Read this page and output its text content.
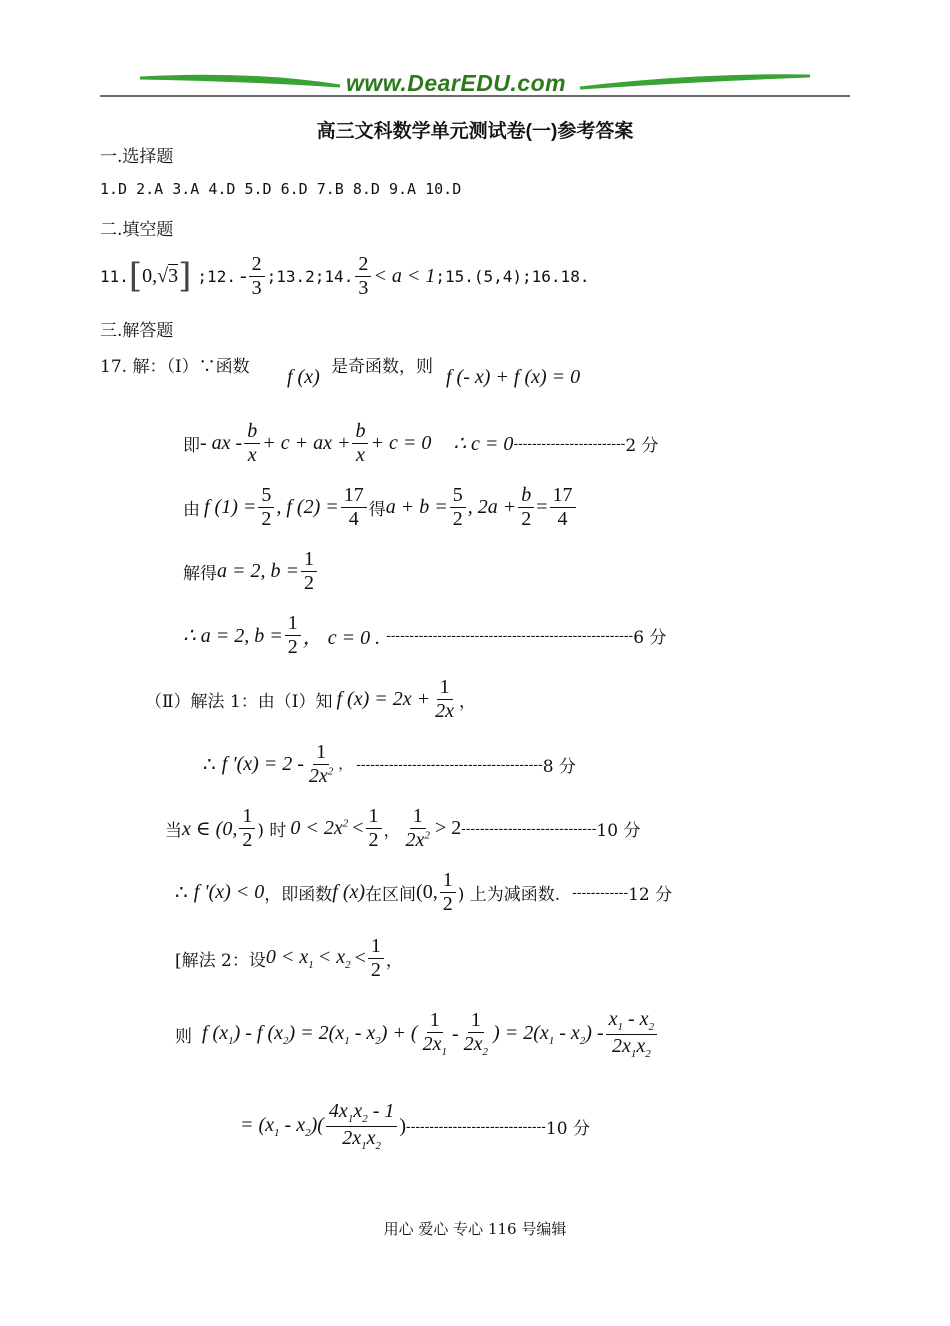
www.DearEDU.com
高三文科数学单元测试卷(一)参考答案
一.选择题
1.D 2.A 3.A 4.D 5.D 6.D 7.B 8.D 9.A 10.D
二.填空题
11. [ 0, √ 3 ] ;12. - $\frac{2}{3}$ ;13.2;14. $\frac{2}{3} < a < 1$ ;15.(5,4);16.18.
三.解答题
17. 解：（Ⅰ）∵函数 f (x) 是奇函数，则 f (- x) + f (x) = 0
即 - ax - $\frac{b}{x} + c$ + ax + $\frac{b}{x} + c = 0$ ∴ c = 0 ------------------------ 2 分
由 f $(1) = \frac{5}{2}$ , f $(2) = \frac{17}{4}$ 得 $a + b = \frac{5}{2}$ , $2a + \frac{b}{2} = \frac{17}{4}$
解得 a = 2, $b = \frac{1}{2}$
∴ a = 2, $b = \frac{1}{2}$ ， c = 0 . ----------------------------------------------------- 6 分
（Ⅱ）解法 1：由（Ⅰ）知 f $(x) = 2x + \frac{1}{2x}$ ，
∴ f '$(x) = 2 - \frac{1}{2x^2}$ ， ---------------------------------------- 8 分
当 x ∈ (0, $\frac{1}{2}$ ) 时 $0 < 2x^2 < \frac{1}{2}$ ， $\frac{1}{2x^2} > 2$ ----------------------------- 10 分
∴ f '(x) < 0 ，即函数 f (x) 在区间 (0, $\frac{1}{2}$ ) 上为减函数. ------------ 12 分
[解法 2：设 $0 < x_1 < x_2 < \frac{1}{2}$ ，
则 f $(x_1)$ - f $(x_2) = 2(x_1 - x_2)$ + ( $\frac{1}{2x_1} - \frac{1}{2x_2}$ ) = $2(x_1 - x_2) - \frac{x_1 - x_2}{2x_1x_2}$
= $(x_1 - x_2)( \frac{4x_1x_2 - 1}{2x_1x_2}$ ) ------------------------------ 10 分
用心 爱心 专心 116 号编辑
